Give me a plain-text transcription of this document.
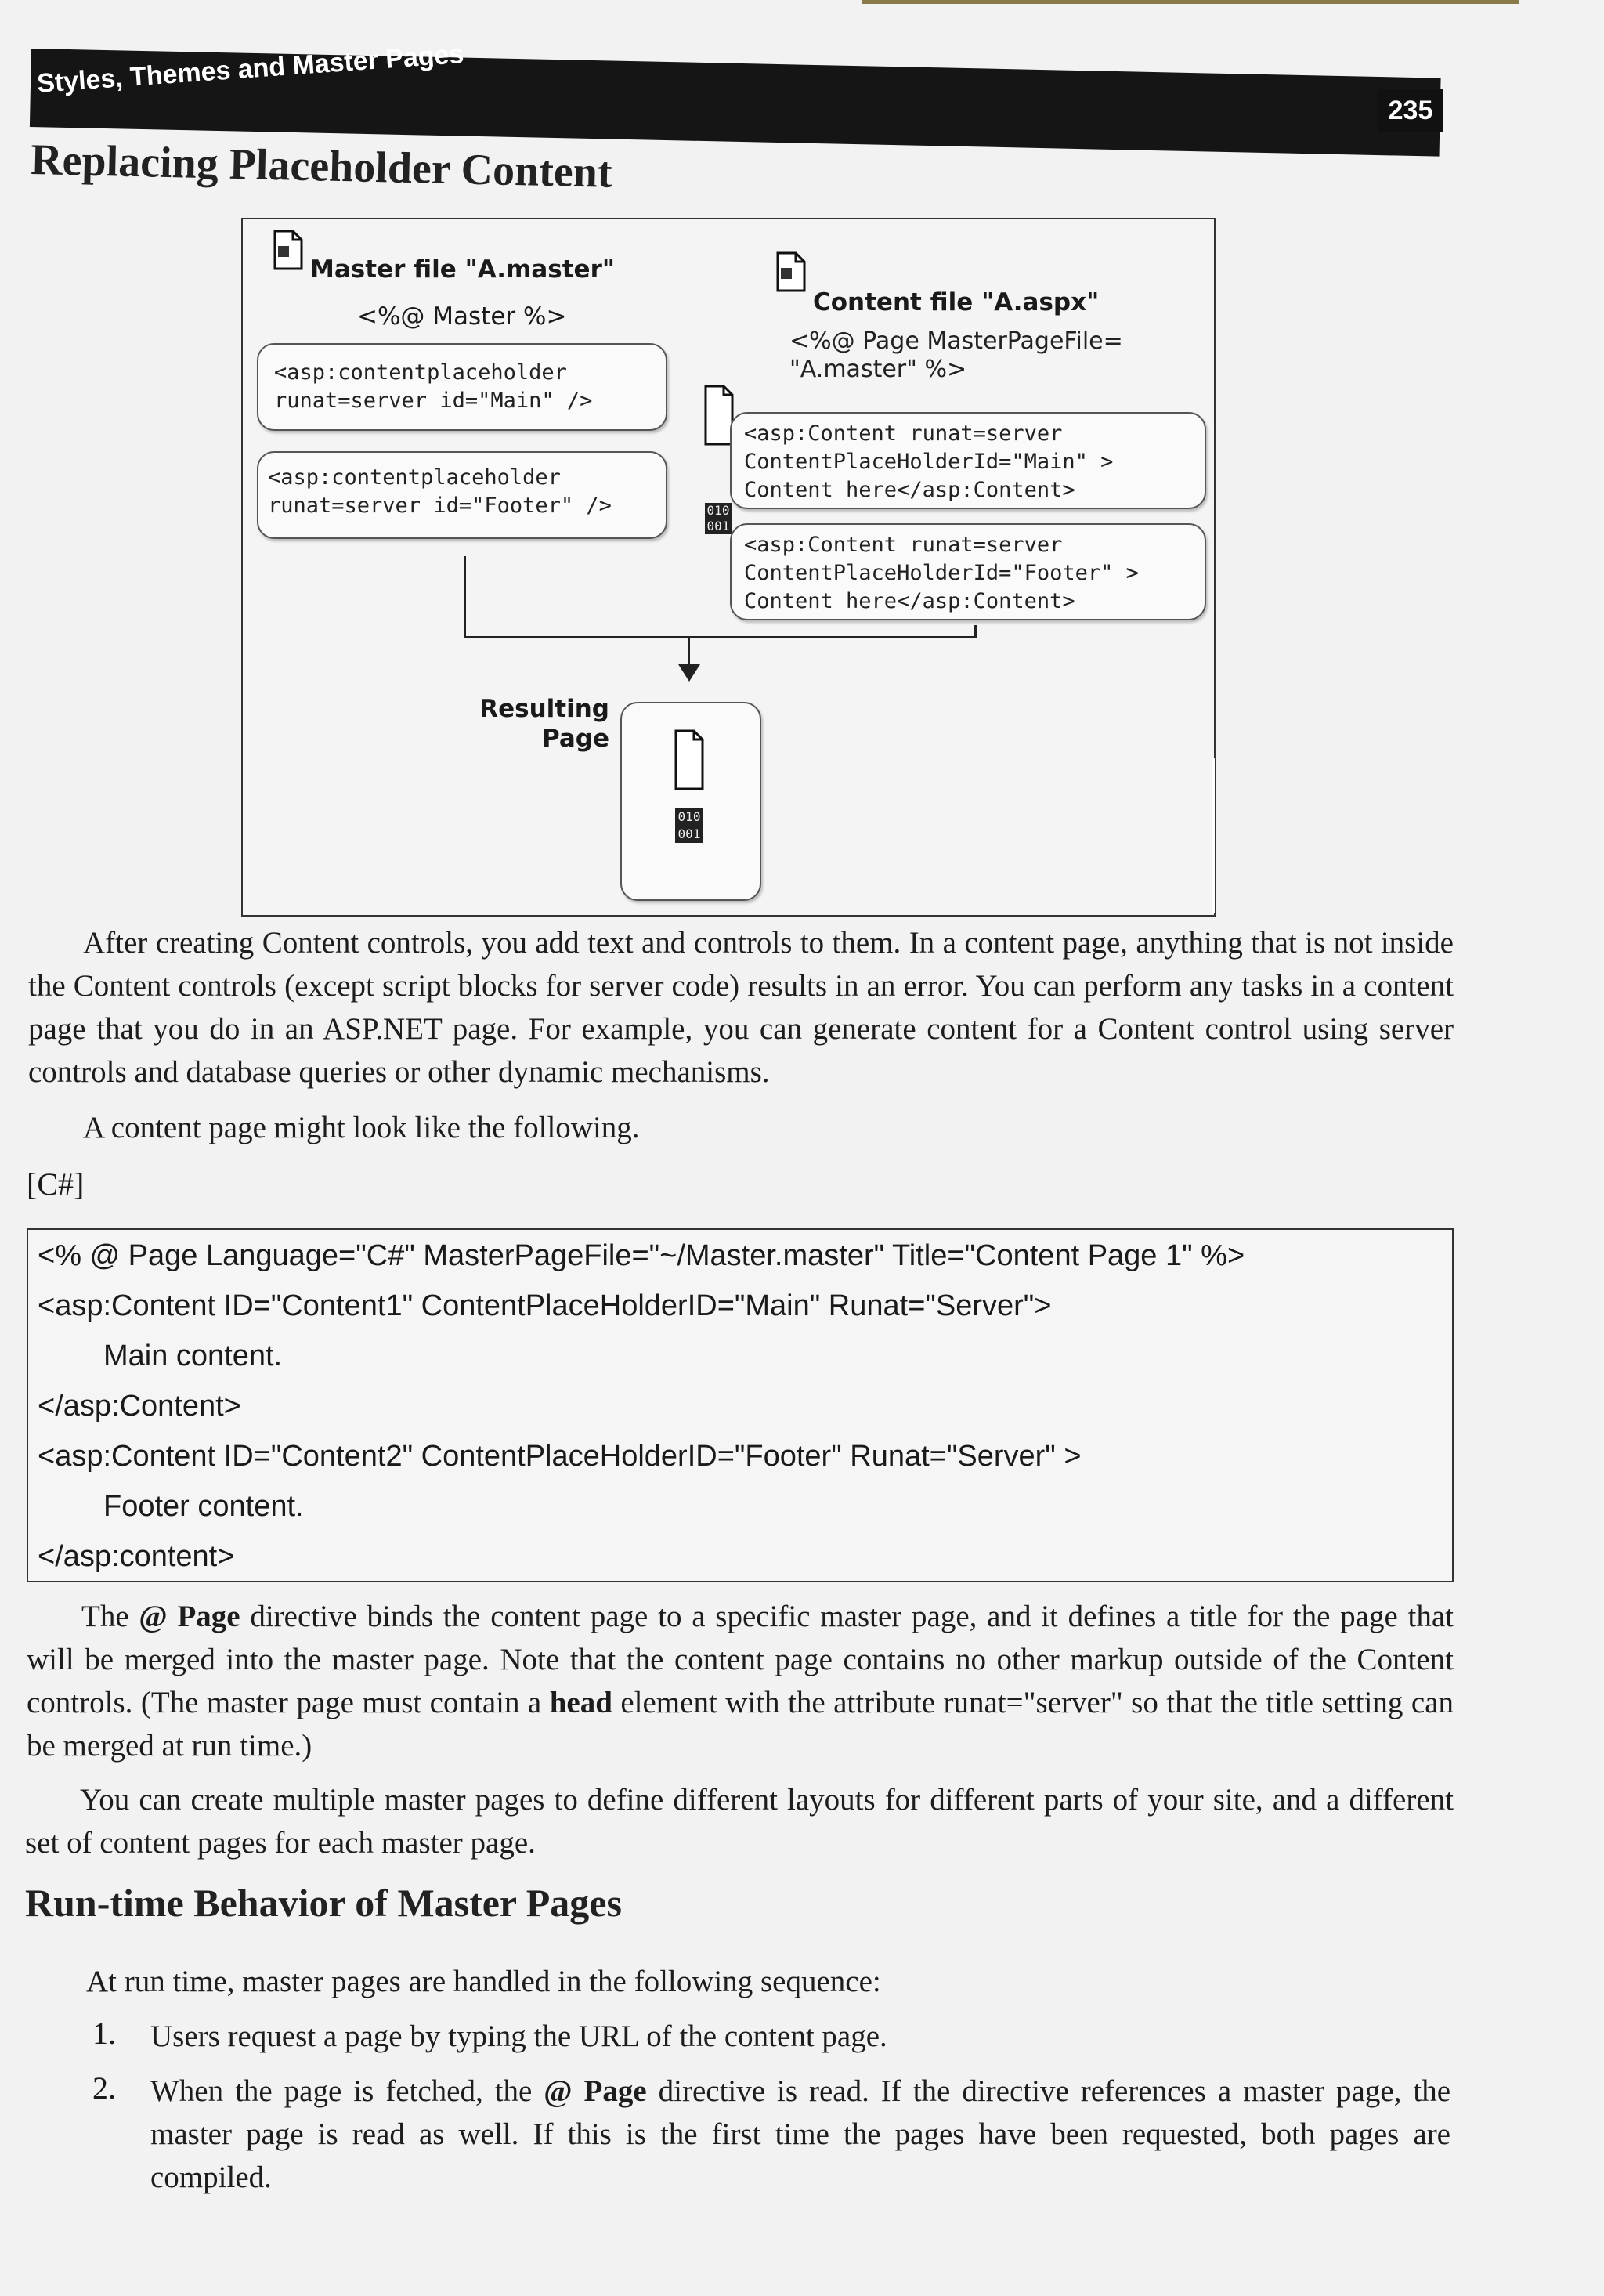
Styles, Themes and Master Pages
235
Replacing Placeholder Content
Master file "A.master"
<%@ Master %>
<asp:contentplaceholder
runat=server id="Main" />
<asp:contentplaceholder
runat=server id="Footer" />
Content file "A.aspx"
<%@ Page MasterPageFile=
"A.master" %>
<asp:Content runat=server
ContentPlaceHolderId="Main" >
Content here</asp:Content>
010
001
<asp:Content runat=server
ContentPlaceHolderId="Footer" >
Content here</asp:Content>
Resulting
Page
010
001

After creating Content controls, you add text and controls to them. In a content page, anything that is not inside the Content controls (except script blocks for server code) results in an error. You can perform any tasks in a content page that you do in an ASP.NET page. For example, you can generate content for a Content control using server controls and database queries or other dynamic mechanisms.

A content page might look like the following.

[C#]
<% @ Page Language="C#" MasterPageFile="~/Master.master" Title="Content Page 1" %>
<asp:Content ID="Content1" ContentPlaceHolderID="Main" Runat="Server">
Main content.
</asp:Content>
<asp:Content ID="Content2" ContentPlaceHolderID="Footer" Runat="Server" >
Footer content.
</asp:content>

The @ Page directive binds the content page to a specific master page, and it defines a title for the page that will be merged into the master page. Note that the content page contains no other markup outside of the Content controls. (The master page must contain a head element with the attribute runat="server" so that the title setting can be merged at run time.)

You can create multiple master pages to define different layouts for different parts of your site, and a different set of content pages for each master page.

Run-time Behavior of Master Pages

At run time, master pages are handled in the following sequence:

1. Users request a page by typing the URL of the content page.

2. When the page is fetched, the @ Page directive is read. If the directive references a master page, the master page is read as well. If this is the first time the pages have been requested, both pages are compiled.
